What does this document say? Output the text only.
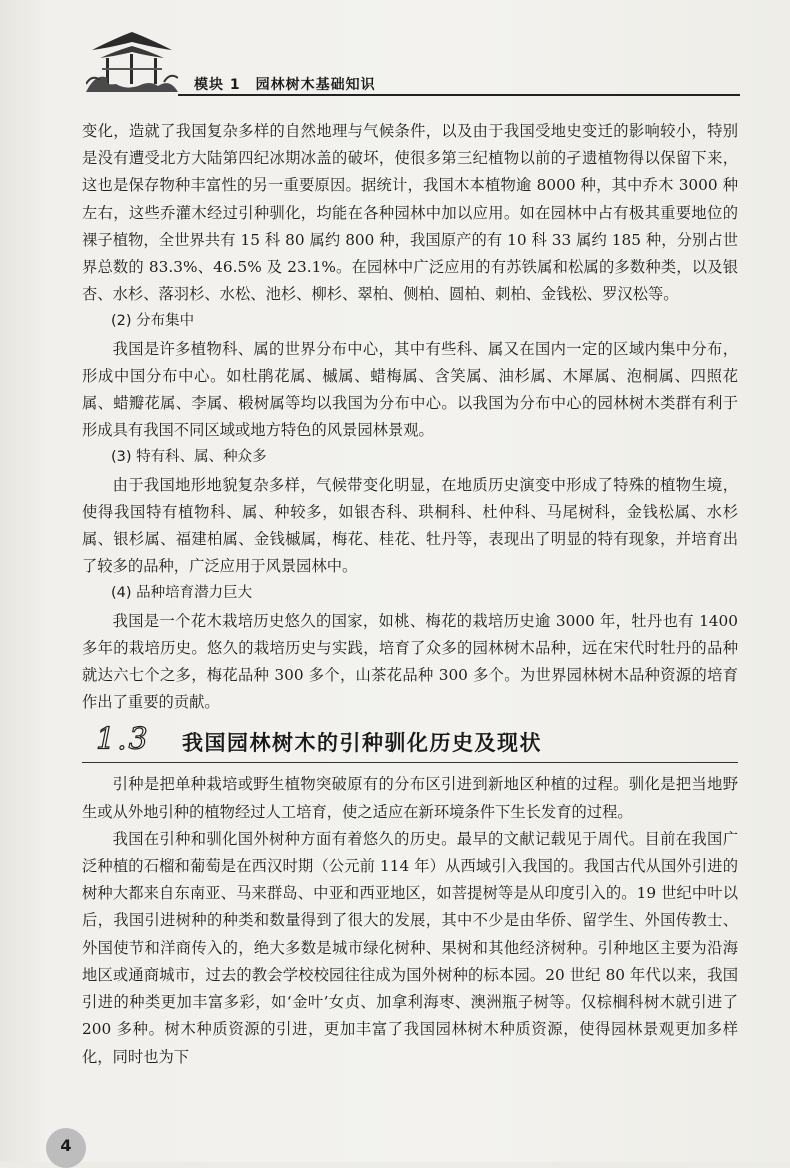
模块 1　园林树木基础知识

变化，造就了我国复杂多样的自然地理与气候条件，以及由于我国受地史变迁的影响较小，特别是没有遭受北方大陆第四纪冰期冰盖的破坏，使很多第三纪植物以前的孑遗植物得以保留下来，这也是保存物种丰富性的另一重要原因。据统计，我国木本植物逾 8000 种，其中乔木 3000 种左右，这些乔灌木经过引种驯化，均能在各种园林中加以应用。如在园林中占有极其重要地位的裸子植物，全世界共有 15 科 80 属约 800 种，我国原产的有 10 科 33 属约 185 种，分别占世界总数的 83.3%、46.5% 及 23.1%。在园林中广泛应用的有苏铁属和松属的多数种类，以及银杏、水杉、落羽杉、水松、池杉、柳杉、翠柏、侧柏、圆柏、刺柏、金钱松、罗汉松等。

(2) 分布集中

我国是许多植物科、属的世界分布中心，其中有些科、属又在国内一定的区域内集中分布，形成中国分布中心。如杜鹃花属、槭属、蜡梅属、含笑属、油杉属、木犀属、泡桐属、四照花属、蜡瓣花属、李属、椴树属等均以我国为分布中心。以我国为分布中心的园林树木类群有利于形成具有我国不同区域或地方特色的风景园林景观。

(3) 特有科、属、种众多

由于我国地形地貌复杂多样，气候带变化明显，在地质历史演变中形成了特殊的植物生境，使得我国特有植物科、属、种较多，如银杏科、珙桐科、杜仲科、马尾树科，金钱松属、水杉属、银杉属、福建柏属、金钱槭属，梅花、桂花、牡丹等，表现出了明显的特有现象，并培育出了较多的品种，广泛应用于风景园林中。

(4) 品种培育潜力巨大

我国是一个花木栽培历史悠久的国家，如桃、梅花的栽培历史逾 3000 年，牡丹也有 1400 多年的栽培历史。悠久的栽培历史与实践，培育了众多的园林树木品种，远在宋代时牡丹的品种就达六七个之多，梅花品种 300 多个，山茶花品种 300 多个。为世界园林树木品种资源的培育作出了重要的贡献。

1.3 我国园林树木的引种驯化历史及现状

引种是把单种栽培或野生植物突破原有的分布区引进到新地区种植的过程。驯化是把当地野生或从外地引种的植物经过人工培育，使之适应在新环境条件下生长发育的过程。

我国在引种和驯化国外树种方面有着悠久的历史。最早的文献记载见于周代。目前在我国广泛种植的石榴和葡萄是在西汉时期（公元前 114 年）从西域引入我国的。我国古代从国外引进的树种大都来自东南亚、马来群岛、中亚和西亚地区，如菩提树等是从印度引入的。19 世纪中叶以后，我国引进树种的种类和数量得到了很大的发展，其中不少是由华侨、留学生、外国传教士、外国使节和洋商传入的，绝大多数是城市绿化树种、果树和其他经济树种。引种地区主要为沿海地区或通商城市，过去的教会学校校园往往成为国外树种的标本园。20 世纪 80 年代以来，我国引进的种类更加丰富多彩，如‘金叶’女贞、加拿利海枣、澳洲瓶子树等。仅棕榈科树木就引进了 200 多种。树木种质资源的引进，更加丰富了我国园林树木种质资源，使得园林景观更加多样化，同时也为下

4
